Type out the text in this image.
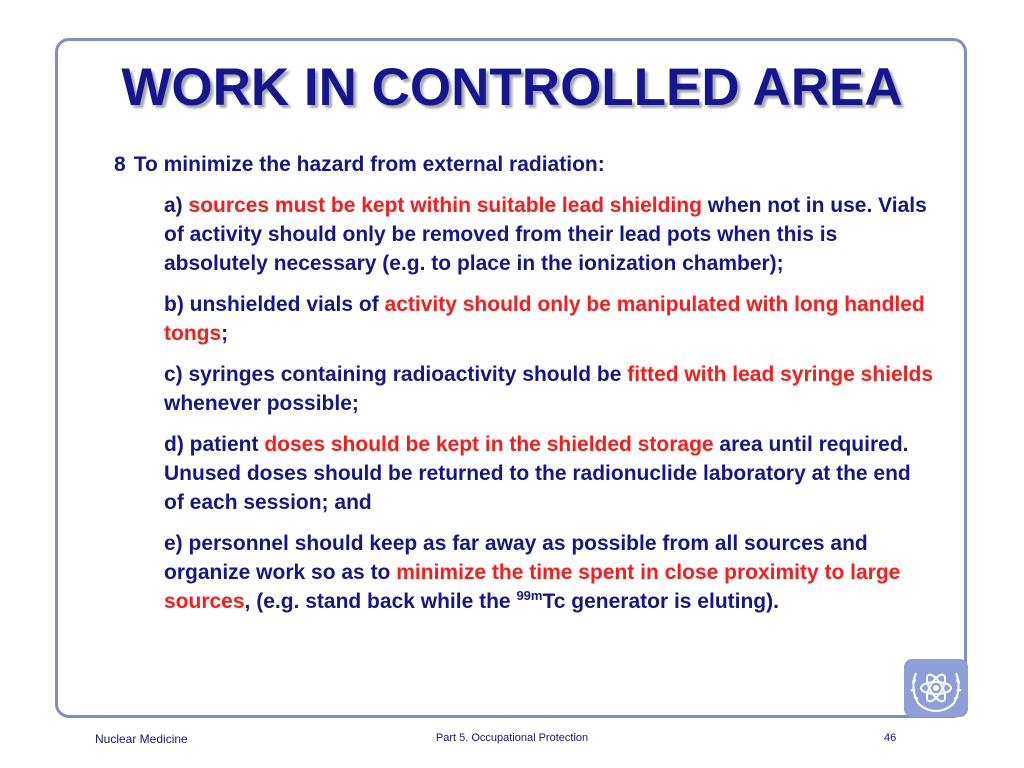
WORK IN CONTROLLED AREA
8 To minimize the hazard from external radiation:
a) sources must be kept within suitable lead shielding when not in use. Vials of activity should only be removed from their lead pots when this is absolutely necessary (e.g. to place in the ionization chamber);
b) unshielded vials of activity should only be manipulated with long handled tongs;
c) syringes containing radioactivity should be fitted with lead syringe shields whenever possible;
d) patient doses should be kept in the shielded storage area until required. Unused doses should be returned to the radionuclide laboratory at the end of each session; and
e) personnel should keep as far away as possible from all sources and organize work so as to minimize the time spent in close proximity to large sources, (e.g. stand back while the $^{99m}$Tc generator is eluting).
Nuclear Medicine	Part 5. Occupational Protection	46
